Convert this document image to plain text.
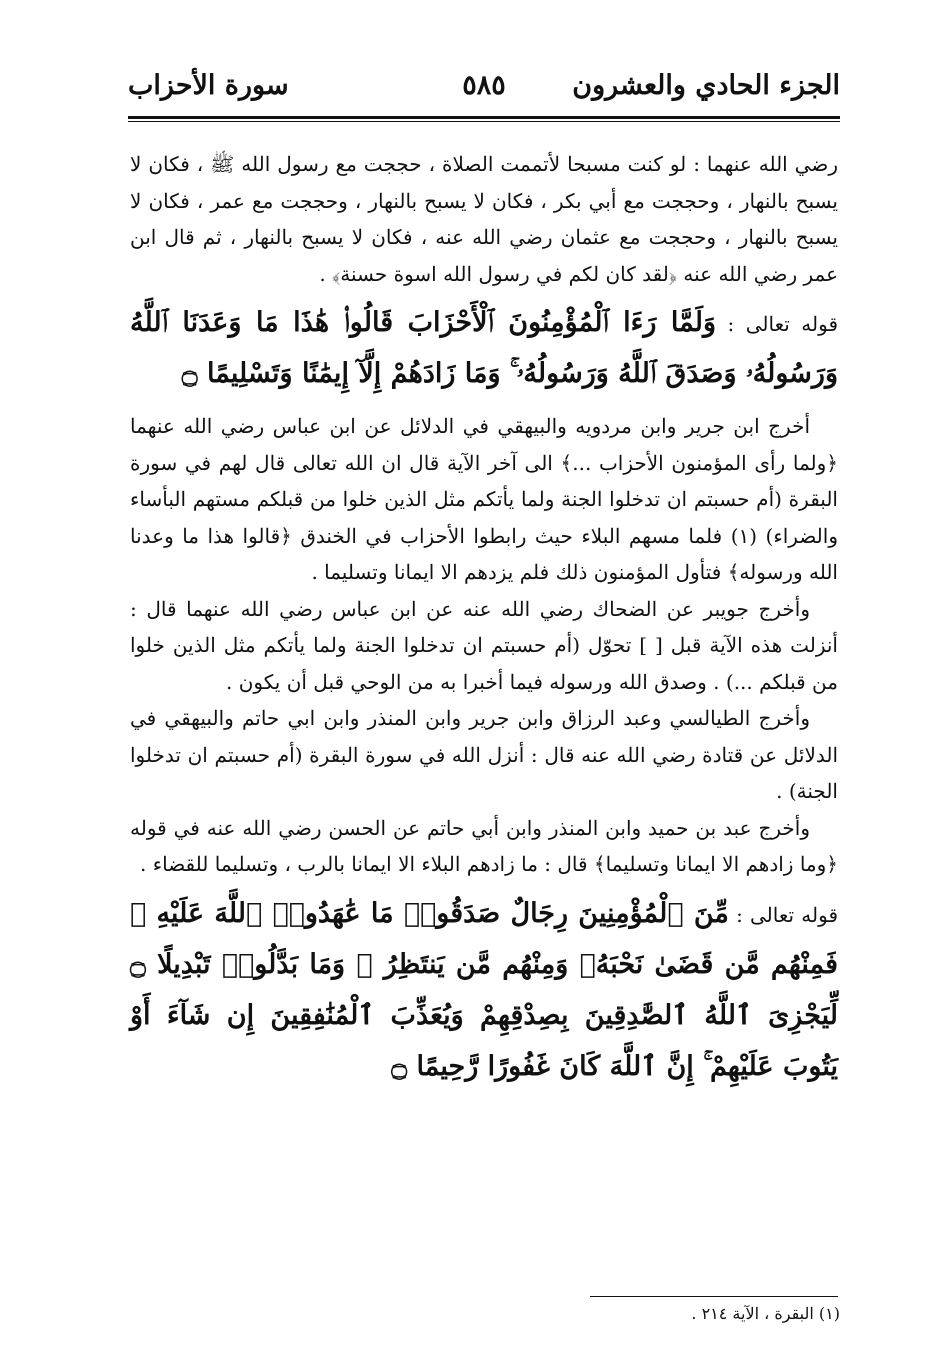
الجزء الحادي والعشرون
٥٨٥
سورة الأحزاب

رضي الله عنهما : لو كنت مسبحا لأتممت الصلاة ، حججت مع رسول الله ﷺ ، فكان لا يسبح بالنهار ، وحججت مع أبي بكر ، فكان لا يسبح بالنهار ، وحججت مع عمر ، فكان لا يسبح بالنهار ، وحججت مع عثمان رضي الله عنه ، فكان لا يسبح بالنهار ، ثم قال ابن عمر رضي الله عنه ﴿لقد كان لكم في رسول الله اسوة حسنة﴾ .

قوله تعالى : وَلَمَّا رَءَا ٱلْمُؤْمِنُونَ ٱلْأَحْزَابَ قَالُوا۟ هَٰذَا مَا وَعَدَنَا ٱللَّهُ وَرَسُولُهُۥ وَصَدَقَ ٱللَّهُ وَرَسُولُهُۥ ۚ وَمَا زَادَهُمْ إِلَّآ إِيمَٰنًا وَتَسْلِيمًا ۝

أخرج ابن جرير وابن مردويه والبيهقي في الدلائل عن ابن عباس رضي الله عنهما ﴿ولما رأى المؤمنون الأحزاب ...﴾ الى آخر الآية قال ان الله تعالى قال لهم في سورة البقرة (أم حسبتم ان تدخلوا الجنة ولما يأتكم مثل الذين خلوا من قبلكم مستهم البأساء والضراء) (١) فلما مسهم البلاء حيث رابطوا الأحزاب في الخندق ﴿قالوا هذا ما وعدنا الله ورسوله﴾ فتأول المؤمنون ذلك فلم يزدهم الا ايمانا وتسليما .

وأخرج جويبر عن الضحاك رضي الله عنه عن ابن عباس رضي الله عنهما قال : أنزلت هذه الآية قبل [ ] تحوّل (أم حسبتم ان تدخلوا الجنة ولما يأتكم مثل الذين خلوا من قبلكم ...) . وصدق الله ورسوله فيما أخبرا به من الوحي قبل أن يكون .

وأخرج الطيالسي وعبد الرزاق وابن جرير وابن المنذر وابن ابي حاتم والبيهقي في الدلائل عن قتادة رضي الله عنه قال : أنزل الله في سورة البقرة (أم حسبتم ان تدخلوا الجنة) .

وأخرج عبد بن حميد وابن المنذر وابن أبي حاتم عن الحسن رضي الله عنه في قوله ﴿وما زادهم الا ايمانا وتسليما﴾ قال : ما زادهم البلاء الا ايمانا بالرب ، وتسليما للقضاء .

قوله تعالى : مِّنَ ٱلْمُؤْمِنِينَ رِجَالٌ صَدَقُوا۟ مَا عَٰهَدُوا۟ ٱللَّهَ عَلَيْهِ ۖ فَمِنْهُم مَّن قَضَىٰ نَحْبَهُۥ وَمِنْهُم مَّن يَنتَظِرُ ۖ وَمَا بَدَّلُوا۟ تَبْدِيلًا ۝ لِّيَجْزِىَ ٱللَّهُ ٱلصَّٰدِقِينَ بِصِدْقِهِمْ وَيُعَذِّبَ ٱلْمُنَٰفِقِينَ إِن شَآءَ أَوْ يَتُوبَ عَلَيْهِمْ ۚ إِنَّ ٱللَّهَ كَانَ غَفُورًا رَّحِيمًا ۝
(١) البقرة ، الآية ٢١٤ .
